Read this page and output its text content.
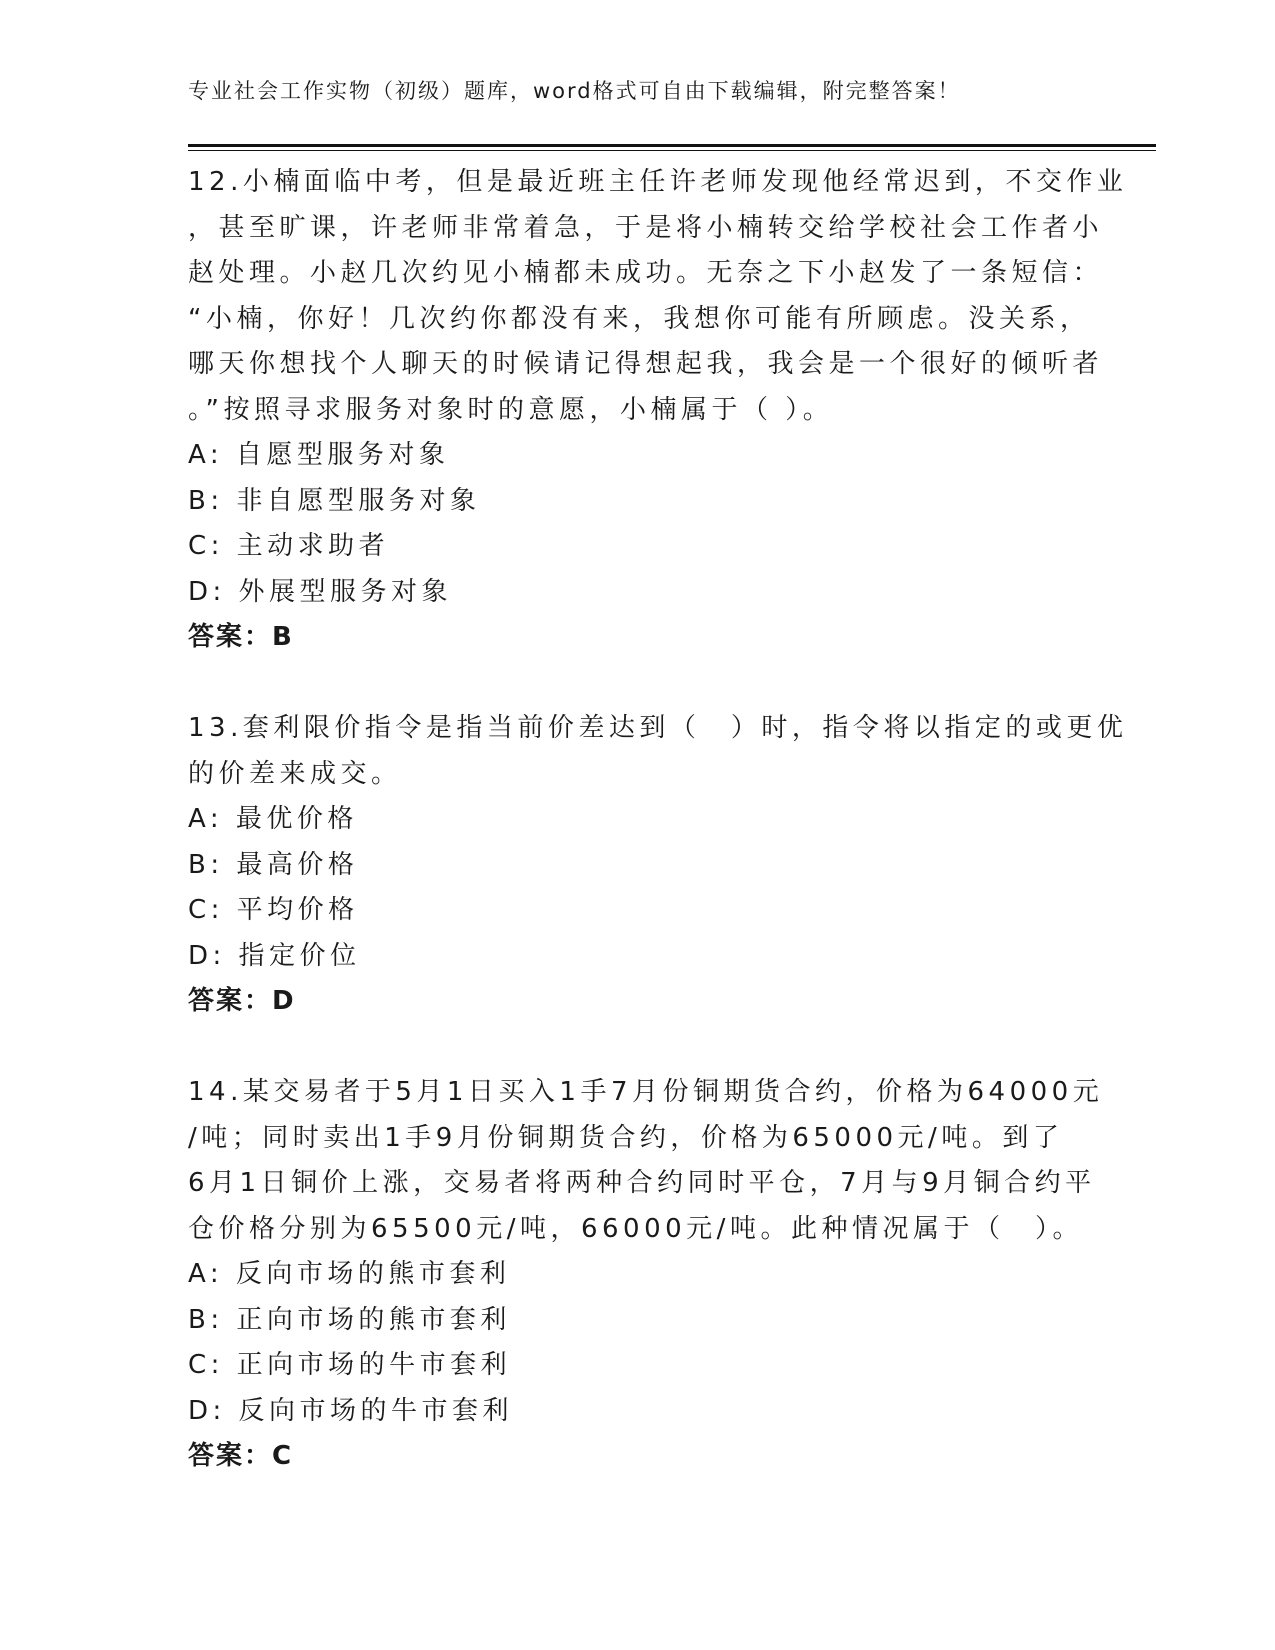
专业社会工作实物（初级）题库，word格式可自由下载编辑，附完整答案！
12.小楠面临中考，但是最近班主任许老师发现他经常迟到，不交作业
，甚至旷课，许老师非常着急，于是将小楠转交给学校社会工作者小
赵处理。小赵几次约见小楠都未成功。无奈之下小赵发了一条短信：
“小楠，你好！几次约你都没有来，我想你可能有所顾虑。没关系，
哪天你想找个人聊天的时候请记得想起我，我会是一个很好的倾听者
。”按照寻求服务对象时的意愿，小楠属于（ ）。
A: 自愿型服务对象
B: 非自愿型服务对象
C: 主动求助者
D: 外展型服务对象
答案：B
13.套利限价指令是指当前价差达到（　）时，指令将以指定的或更优
的价差来成交。
A: 最优价格
B: 最高价格
C: 平均价格
D: 指定价位
答案：D
14.某交易者于5月1日买入1手7月份铜期货合约，价格为64000元
/吨；同时卖出1手9月份铜期货合约，价格为65000元/吨。到了
6月1日铜价上涨，交易者将两种合约同时平仓，7月与9月铜合约平
仓价格分别为65500元/吨，66000元/吨。此种情况属于（　）。
A: 反向市场的熊市套利
B: 正向市场的熊市套利
C: 正向市场的牛市套利
D: 反向市场的牛市套利
答案：C
